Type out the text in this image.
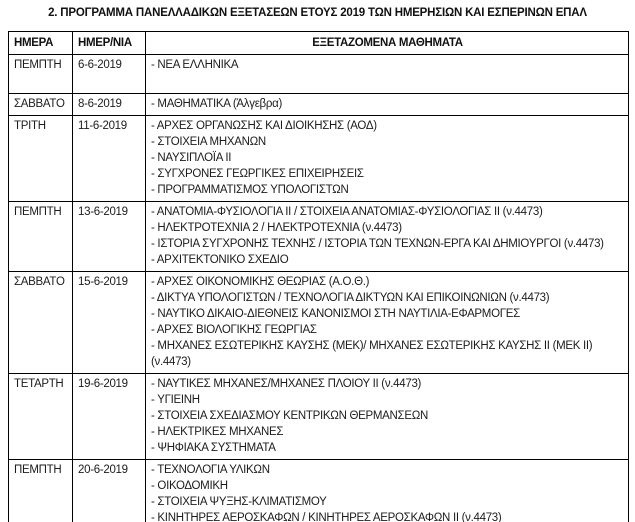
2. ΠΡΟΓΡΑΜΜΑ ΠΑΝΕΛΛΑΔΙΚΩΝ ΕΞΕΤΑΣΕΩΝ ΕΤΟΥΣ 2019 ΤΩΝ ΗΜΕΡΗΣΙΩΝ ΚΑΙ ΕΣΠΕΡΙΝΩΝ ΕΠΑΛ
ΗΜΕΡΑ	ΗΜΕΡ/ΝΙΑ	ΕΞΕΤΑΖΟΜΕΝΑ ΜΑΘΗΜΑΤΑ
ΠΕΜΠΤΗ	6-6-2019	- ΝΕΑ ΕΛΛΗΝΙΚΑ

ΣΑΒΒΑΤΟ	8-6-2019	- ΜΑΘΗΜΑΤΙΚΑ (Άλγεβρα)

ΤΡΙΤΗ	11-6-2019	- ΑΡΧΕΣ ΟΡΓΑΝΩΣΗΣ ΚΑΙ ΔΙΟΙΚΗΣΗΣ (ΑΟΔ)
- ΣΤΟΙΧΕΙΑ ΜΗΧΑΝΩΝ
- ΝΑΥΣΙΠΛΟΪΑ ΙΙ
- ΣΥΓΧΡΟΝΕΣ ΓΕΩΡΓΙΚΕΣ ΕΠΙΧΕΙΡΗΣΕΙΣ
- ΠΡΟΓΡΑΜΜΑΤΙΣΜΟΣ ΥΠΟΛΟΓΙΣΤΩΝ

ΠΕΜΠΤΗ	13-6-2019	- ΑΝΑΤΟΜΙΑ-ΦΥΣΙΟΛΟΓΙΑ ΙΙ / ΣΤΟΙΧΕΙΑ ΑΝΑΤΟΜΙΑΣ-ΦΥΣΙΟΛΟΓΙΑΣ ΙΙ (ν.4473)
- ΗΛΕΚΤΡΟΤΕΧΝΙΑ 2 / ΗΛΕΚΤΡΟΤΕΧΝΙΑ (ν.4473)
- ΙΣΤΟΡΙΑ ΣΥΓΧΡΟΝΗΣ ΤΕΧΝΗΣ / ΙΣΤΟΡΙΑ ΤΩΝ ΤΕΧΝΩΝ-ΕΡΓΑ ΚΑΙ ΔΗΜΙΟΥΡΓΟΙ (ν.4473)
- ΑΡΧΙΤΕΚΤΟΝΙΚΟ ΣΧΕΔΙΟ

ΣΑΒΒΑΤΟ	15-6-2019	- ΑΡΧΕΣ ΟΙΚΟΝΟΜΙΚΗΣ ΘΕΩΡΙΑΣ (Α.Ο.Θ.)
- ΔΙΚΤΥΑ ΥΠΟΛΟΓΙΣΤΩΝ / ΤΕΧΝΟΛΟΓΙΑ ΔΙΚΤΥΩΝ ΚΑΙ ΕΠΙΚΟΙΝΩΝΙΩΝ (ν.4473)
- ΝΑΥΤΙΚΟ ΔΙΚΑΙΟ-ΔΙΕΘΝΕΙΣ ΚΑΝΟΝΙΣΜΟΙ ΣΤΗ ΝΑΥΤΙΛΙΑ-ΕΦΑΡΜΟΓΕΣ
- ΑΡΧΕΣ ΒΙΟΛΟΓΙΚΗΣ ΓΕΩΡΓΙΑΣ
- ΜΗΧΑΝΕΣ ΕΣΩΤΕΡΙΚΗΣ ΚΑΥΣΗΣ (ΜΕΚ)/ ΜΗΧΑΝΕΣ ΕΣΩΤΕΡΙΚΗΣ ΚΑΥΣΗΣ ΙΙ (ΜΕΚ ΙΙ) (ν.4473)

ΤΕΤΑΡΤΗ	19-6-2019	- ΝΑΥΤΙΚΕΣ ΜΗΧΑΝΕΣ/ΜΗΧΑΝΕΣ ΠΛΟΙΟΥ ΙΙ (ν.4473)
- ΥΓΙΕΙΝΗ
- ΣΤΟΙΧΕΙΑ ΣΧΕΔΙΑΣΜΟΥ ΚΕΝΤΡΙΚΩΝ ΘΕΡΜΑΝΣΕΩΝ
- ΗΛΕΚΤΡΙΚΕΣ ΜΗΧΑΝΕΣ
- ΨΗΦΙΑΚΑ ΣΥΣΤΗΜΑΤΑ

ΠΕΜΠΤΗ	20-6-2019	- ΤΕΧΝΟΛΟΓΙΑ ΥΛΙΚΩΝ
- ΟΙΚΟΔΟΜΙΚΗ
- ΣΤΟΙΧΕΙΑ ΨΥΞΗΣ-ΚΛΙΜΑΤΙΣΜΟΥ
- ΚΙΝΗΤΗΡΕΣ ΑΕΡΟΣΚΑΦΩΝ / ΚΙΝΗΤΗΡΕΣ ΑΕΡΟΣΚΑΦΩΝ ΙΙ (ν.4473)
